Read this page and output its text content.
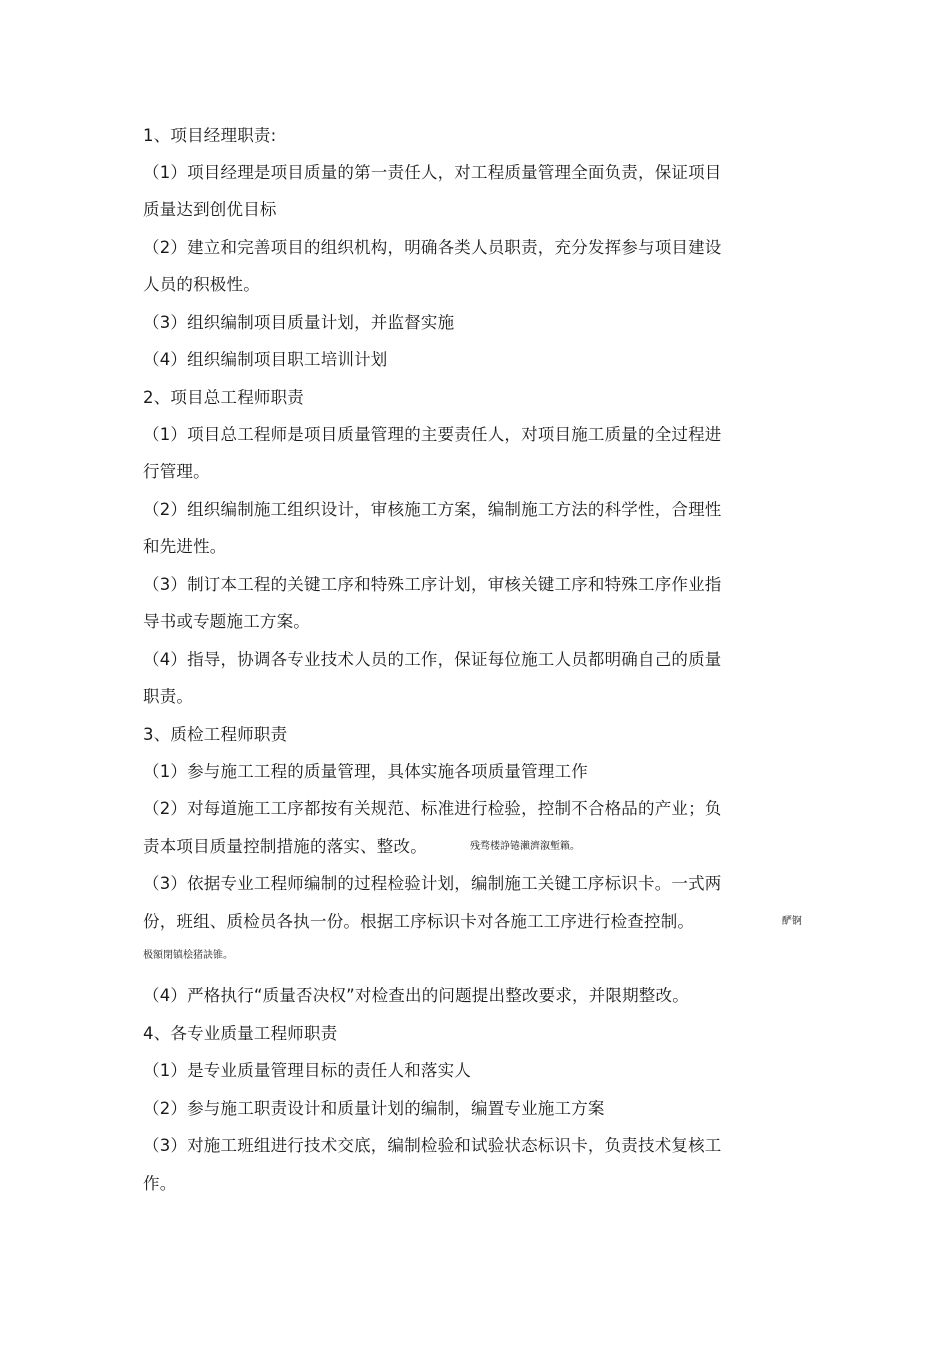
1、项目经理职责:
（1）项目经理是项目质量的第一责任人，对工程质量管理全面负责，保证项目
质量达到创优目标
（2）建立和完善项目的组织机构，明确各类人员职责，充分发挥参与项目建设
人员的积极性。
（3）组织编制项目质量计划，并监督实施
（4）组织编制项目职工培训计划
2、项目总工程师职责
（1）项目总工程师是项目质量管理的主要责任人，对项目施工质量的全过程进
行管理。
（2）组织编制施工组织设计，审核施工方案，编制施工方法的科学性，合理性
和先进性。
（3）制订本工程的关键工序和特殊工序计划，审核关键工序和特殊工序作业指
导书或专题施工方案。
（4）指导，协调各专业技术人员的工作，保证每位施工人员都明确自己的质量
职责。
3、质检工程师职责
（1）参与施工工程的质量管理，具体实施各项质量管理工作
（2）对每道施工工序都按有关规范、标准进行检验，控制不合格品的产业；负
责本项目质量控制措施的落实、整改。	残骛楼諍锩瀨濟溆塹籟。
（3）依据专业工程师编制的过程检验计划，编制施工关键工序标识卡。一式两
份，班组、质检员各执一份。根据工序标识卡对各施工工序进行检查控制。	酽锕
极額閉镇桧猪訣锥。
（4）严格执行“质量否决权”对检查出的问题提出整改要求，并限期整改。
4、各专业质量工程师职责
（1）是专业质量管理目标的责任人和落实人
（2）参与施工职责设计和质量计划的编制，编置专业施工方案
（3）对施工班组进行技术交底，编制检验和试验状态标识卡，负责技术复核工
作。
